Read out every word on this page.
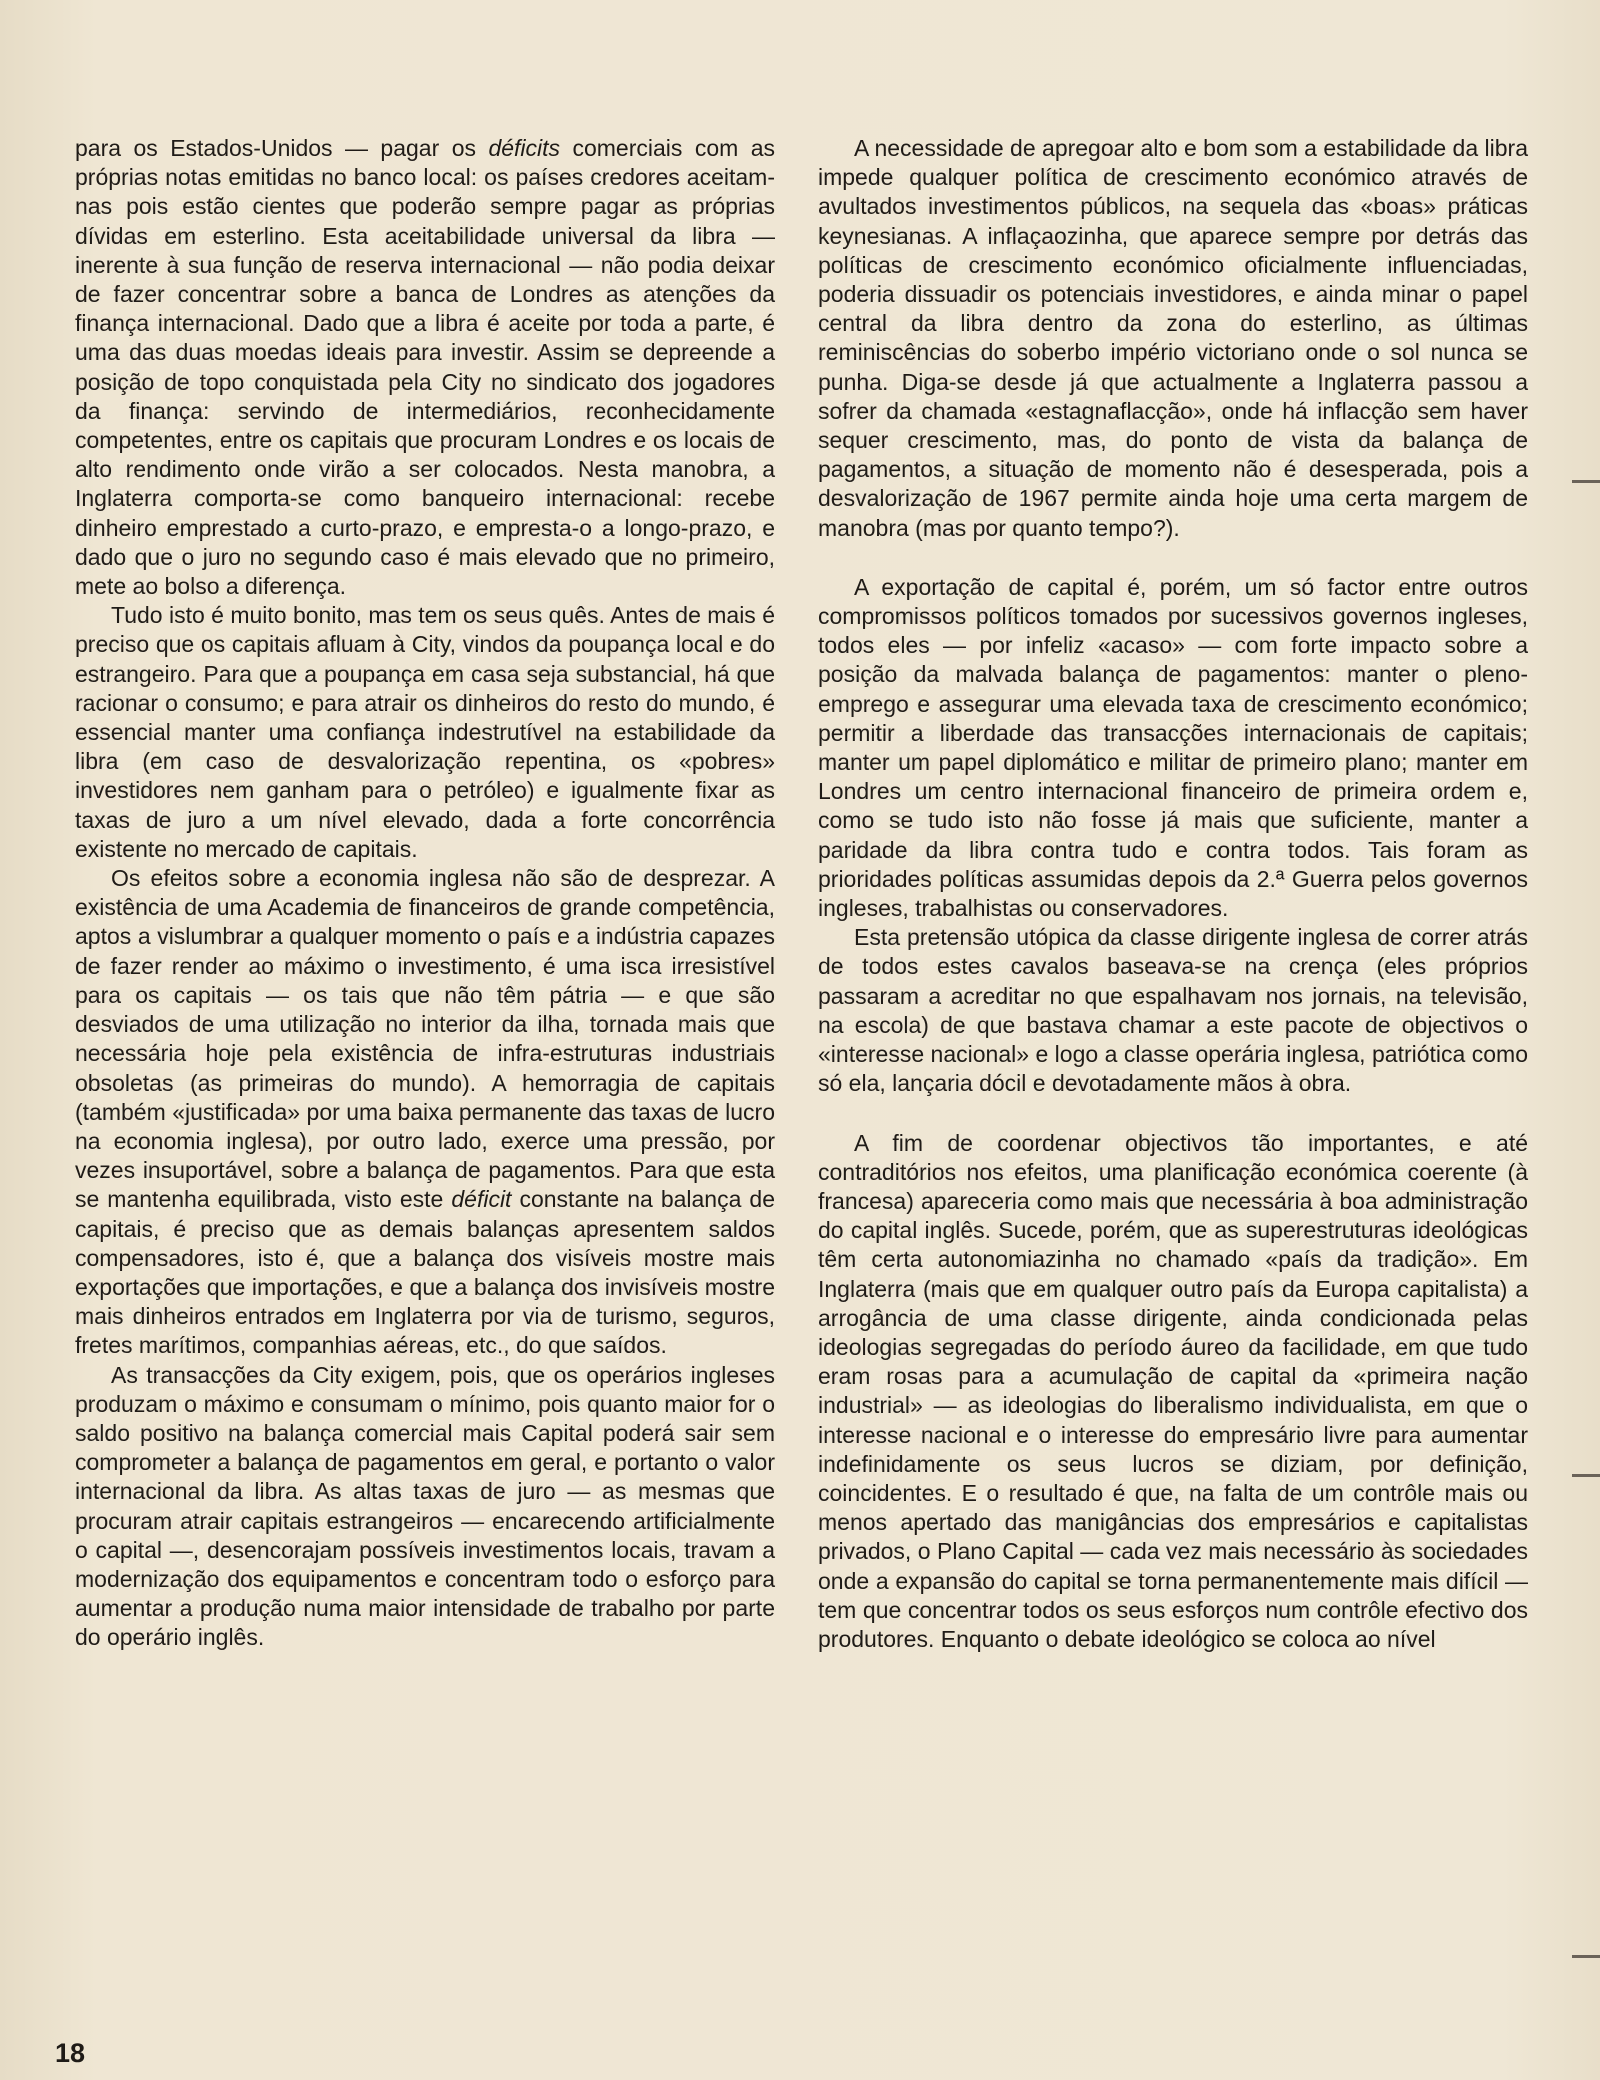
para os Estados-Unidos — pagar os déficits comerciais com as próprias notas emitidas no banco local: os países credores aceitam-nas pois estão cientes que poderão sempre pagar as próprias dívidas em esterlino. Esta aceitabilidade universal da libra — inerente à sua função de reserva internacional — não podia deixar de fazer concentrar sobre a banca de Londres as atenções da finança internacional. Dado que a libra é aceite por toda a parte, é uma das duas moedas ideais para investir. Assim se depreende a posição de topo conquistada pela City no sindicato dos jogadores da finança: servindo de intermediários, reconhecidamente competentes, entre os capitais que procuram Londres e os locais de alto rendimento onde virão a ser colocados. Nesta manobra, a Inglaterra comporta-se como banqueiro internacional: recebe dinheiro emprestado a curto-prazo, e empresta-o a longo-prazo, e dado que o juro no segundo caso é mais elevado que no primeiro, mete ao bolso a diferença.

Tudo isto é muito bonito, mas tem os seus quês. Antes de mais é preciso que os capitais afluam à City, vindos da poupança local e do estrangeiro. Para que a poupança em casa seja substancial, há que racionar o consumo; e para atrair os dinheiros do resto do mundo, é essencial manter uma confiança indestrutível na estabilidade da libra (em caso de desvalorização repentina, os «pobres» investidores nem ganham para o petróleo) e igualmente fixar as taxas de juro a um nível elevado, dada a forte concorrência existente no mercado de capitais.

Os efeitos sobre a economia inglesa não são de desprezar. A existência de uma Academia de financeiros de grande competência, aptos a vislumbrar a qualquer momento o país e a indústria capazes de fazer render ao máximo o investimento, é uma isca irresistível para os capitais — os tais que não têm pátria — e que são desviados de uma utilização no interior da ilha, tornada mais que necessária hoje pela existência de infra-estruturas industriais obsoletas (as primeiras do mundo). A hemorragia de capitais (também «justificada» por uma baixa permanente das taxas de lucro na economia inglesa), por outro lado, exerce uma pressão, por vezes insuportável, sobre a balança de pagamentos. Para que esta se mantenha equilibrada, visto este déficit constante na balança de capitais, é preciso que as demais balanças apresentem saldos compensadores, isto é, que a balança dos visíveis mostre mais exportações que importações, e que a balança dos invisíveis mostre mais dinheiros entrados em Inglaterra por via de turismo, seguros, fretes marítimos, companhias aéreas, etc., do que saídos.

As transacções da City exigem, pois, que os operários ingleses produzam o máximo e consumam o mínimo, pois quanto maior for o saldo positivo na balança comercial mais Capital poderá sair sem comprometer a balança de pagamentos em geral, e portanto o valor internacional da libra. As altas taxas de juro — as mesmas que procuram atrair capitais estrangeiros — encarecendo artificialmente o capital —, desencorajam possíveis investimentos locais, travam a modernização dos equipamentos e concentram todo o esforço para aumentar a produção numa maior intensidade de trabalho por parte do operário inglês.

A necessidade de apregoar alto e bom som a estabilidade da libra impede qualquer política de crescimento económico através de avultados investimentos públicos, na sequela das «boas» práticas keynesianas. A inflaçaozinha, que aparece sempre por detrás das políticas de crescimento económico oficialmente influenciadas, poderia dissuadir os potenciais investidores, e ainda minar o papel central da libra dentro da zona do esterlino, as últimas reminiscências do soberbo império victoriano onde o sol nunca se punha. Diga-se desde já que actualmente a Inglaterra passou a sofrer da chamada «estagnaflacção», onde há inflacção sem haver sequer crescimento, mas, do ponto de vista da balança de pagamentos, a situação de momento não é desesperada, pois a desvalorização de 1967 permite ainda hoje uma certa margem de manobra (mas por quanto tempo?).

A exportação de capital é, porém, um só factor entre outros compromissos políticos tomados por sucessivos governos ingleses, todos eles — por infeliz «acaso» — com forte impacto sobre a posição da malvada balança de pagamentos: manter o pleno-emprego e assegurar uma elevada taxa de crescimento económico; permitir a liberdade das transacções internacionais de capitais; manter um papel diplomático e militar de primeiro plano; manter em Londres um centro internacional financeiro de primeira ordem e, como se tudo isto não fosse já mais que suficiente, manter a paridade da libra contra tudo e contra todos. Tais foram as prioridades políticas assumidas depois da 2.ª Guerra pelos governos ingleses, trabalhistas ou conservadores.

Esta pretensão utópica da classe dirigente inglesa de correr atrás de todos estes cavalos baseava-se na crença (eles próprios passaram a acreditar no que espalhavam nos jornais, na televisão, na escola) de que bastava chamar a este pacote de objectivos o «interesse nacional» e logo a classe operária inglesa, patriótica como só ela, lançaria dócil e devotadamente mãos à obra.

A fim de coordenar objectivos tão importantes, e até contraditórios nos efeitos, uma planificação económica coerente (à francesa) apareceria como mais que necessária à boa administração do capital inglês. Sucede, porém, que as superestruturas ideológicas têm certa autonomiazinha no chamado «país da tradição». Em Inglaterra (mais que em qualquer outro país da Europa capitalista) a arrogância de uma classe dirigente, ainda condicionada pelas ideologias segregadas do período áureo da facilidade, em que tudo eram rosas para a acumulação de capital da «primeira nação industrial» — as ideologias do liberalismo individualista, em que o interesse nacional e o interesse do empresário livre para aumentar indefinidamente os seus lucros se diziam, por definição, coincidentes. E o resultado é que, na falta de um contrôle mais ou menos apertado das manigâncias dos empresários e capitalistas privados, o Plano Capital — cada vez mais necessário às sociedades onde a expansão do capital se torna permanentemente mais difícil — tem que concentrar todos os seus esforços num contrôle efectivo dos produtores. Enquanto o debate ideológico se coloca ao nível

18
